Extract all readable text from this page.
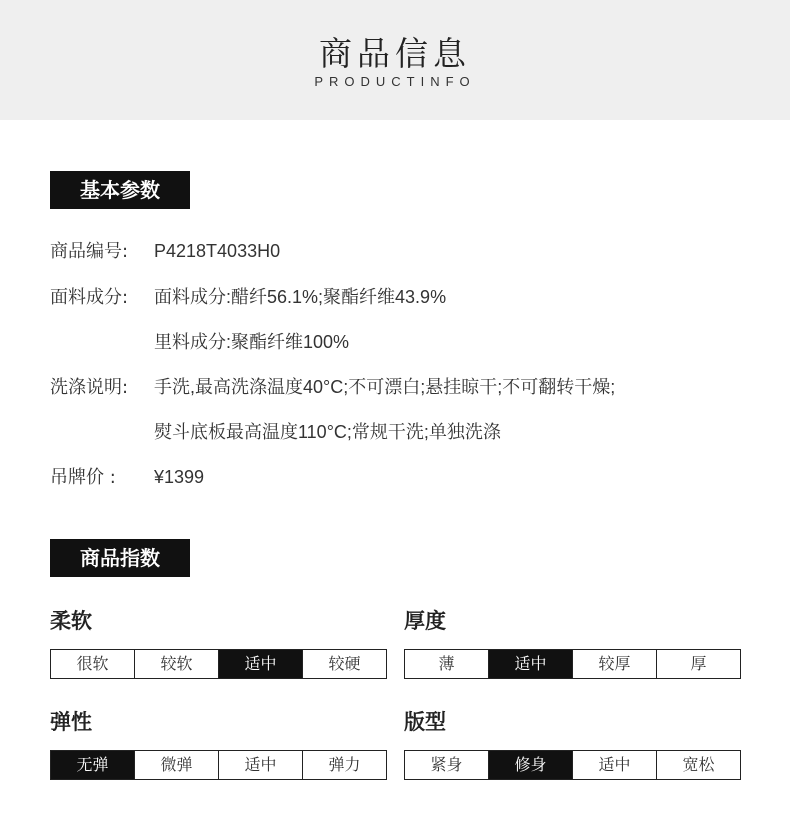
商品信息
PRODUCTINFO
基本参数
商品编号: P4218T4033H0
面料成分: 面料成分:醋纤56.1%;聚酯纤维43.9%
里料成分:聚酯纤维100%
洗涤说明: 手洗,最高洗涤温度40°C;不可漂白;悬挂晾干;不可翻转干燥;
熨斗底板最高温度110°C;常规干洗;单独洗涤
吊牌价 : ¥1399
商品指数
柔软
很软	较软	适中	较硬
厚度
薄	适中	较厚	厚
弹性
无弹	微弹	适中	弹力
版型
紧身	修身	适中	宽松
